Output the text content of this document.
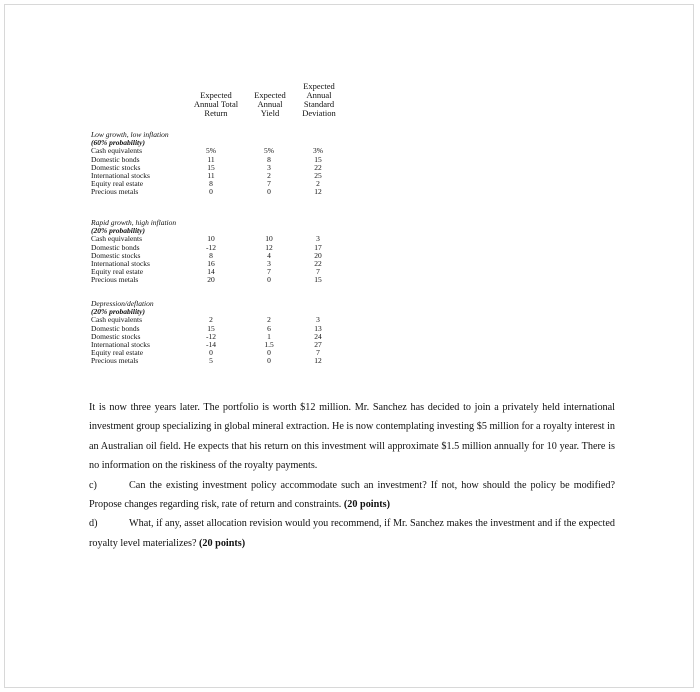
Expected
Annual Total
Return
Expected
Annual
Yield
Expected
Annual
Standard
Deviation
Low growth, low inflation
(60% probability)
Cash equivalents
Domestic bonds
Domestic stocks
International stocks
Equity real estate
Precious metals
5%
11
15
11
8
0
5%
8
3
2
7
0
3%
15
22
25
2
12
Rapid growth, high inflation
(20% probability)
Cash equivalents
Domestic bonds
Domestic stocks
International stocks
Equity real estate
Precious metals
10
-12
8
16
14
20
10
12
4
3
7
0
3
17
20
22
7
15
Depression/deflation
(20% probability)
Cash equivalents
Domestic bonds
Domestic stocks
International stocks
Equity real estate
Precious metals
2
15
-12
-14
0
5
2
6
1
1.5
0
0
3
13
24
27
7
12

It is now three years later. The portfolio is worth $12 million. Mr. Sanchez has decided to join a privately held international investment group specializing in global mineral extraction. He is now contemplating investing $5 million for a royalty interest in an Australian oil field. He expects that his return on this investment will approximate $1.5 million annually for 10 year. There is no information on the riskiness of the royalty payments.

c)	Can the existing investment policy accommodate such an investment? If not, how should the policy be modified? Propose changes regarding risk, rate of return and constraints. (20 points)

d)	What, if any, asset allocation revision would you recommend, if Mr. Sanchez makes the investment and if the expected royalty level materializes? (20 points)
